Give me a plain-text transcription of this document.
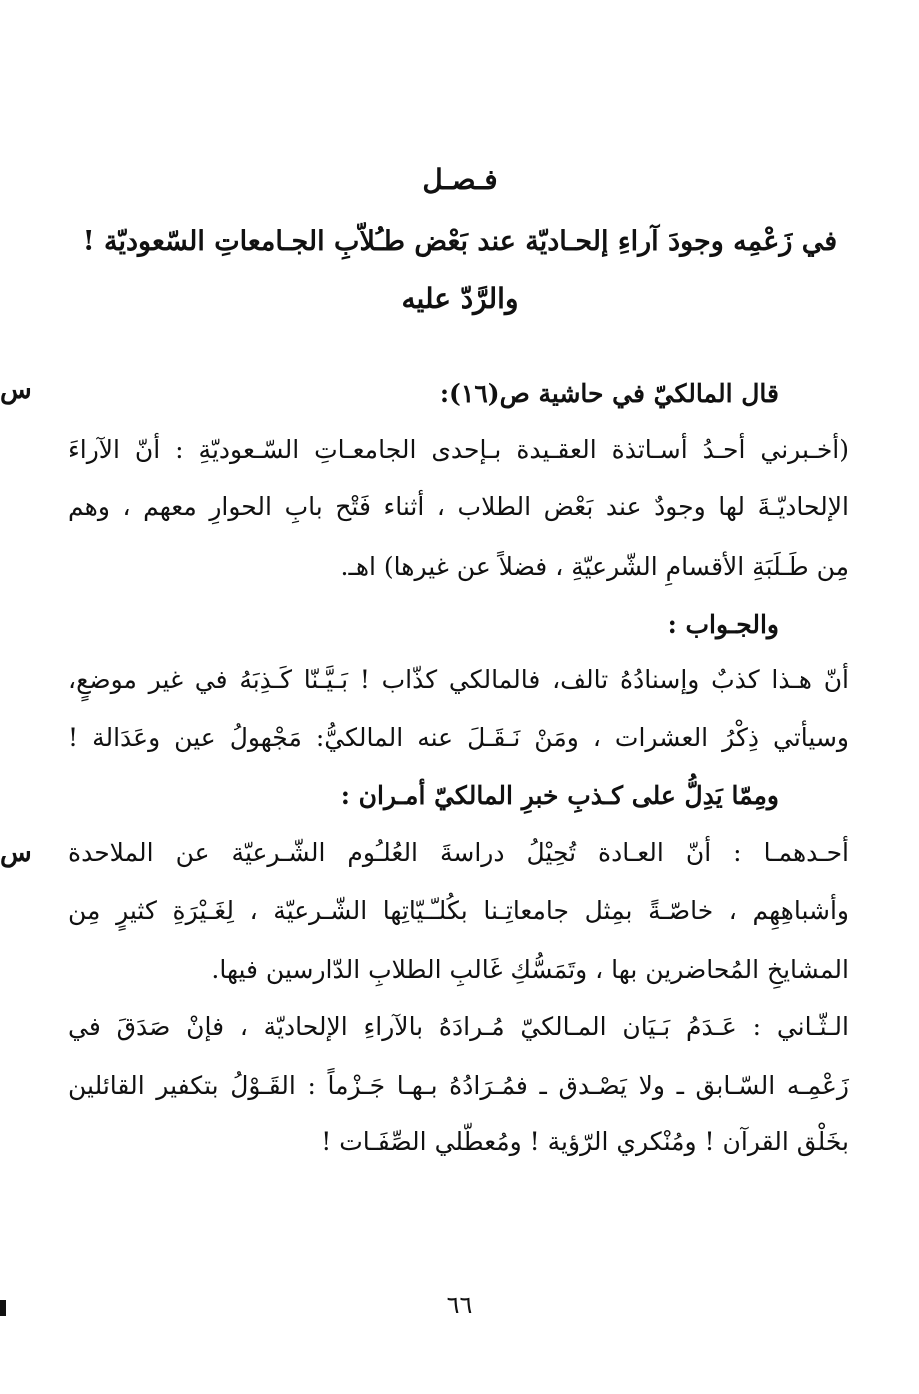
فـصـل
في زَعْمِه وجودَ آراءِ إلحـاديّة عند بَعْض طـُلاّبِ الجـامعاتِ السّعوديّة !
والرَّدّ عليه
س
س
قال المالكيّ في حاشية ص(١٦):
(أخـبرني أحـدُ أسـاتذة العقـيدة بـإحدى الجامعـاتِ السّـعوديّةِ : أنّ الآراءَ
الإلحاديّـةَ لها وجودٌ عند بَعْض الطلاب ، أثناء فَتْح بابِ الحوارِ معهم ، وهم
مِن طَـلَبَةِ الأقسامِ الشّرعيّةِ ، فضلاً عن غيرها) اهـ.
والجـواب :
أنّ هـذا كذبٌ وإسنادُهُ تالف، فالمالكي كذّاب ! بَـيَّـنّا كَـذِبَهُ في غير موضعٍ،
وسيأتي ذِكْرُ العشرات ، ومَنْ نَـقَـلَ عنه المالكيُّ: مَجْهولُ عين وعَدَالة !
ومِمّا يَدِلُّ على كـذبِ خبرِ المالكيّ أمـران :
أحـدهمـا : أنّ العـادة تُحِيْلُ دراسةَ العُلـُوم الشّـرعيّة عن الملاحدة
وأشباهِهِم ، خاصّـةً بمِثل جامعاتِـنا بكُلـّـيّاتِها الشّـرعيّة ، لِغَـيْرَةِ كثيرٍ مِن
المشايخِ المُحاضرين بها ، وتَمَسُّكِ غَالبِ الطلابِ الدّارسين فيها.
الـثّـاني : عَـدَمُ بَـيَان المـالكيّ مُـرادَهُ بالآراءِ الإلحاديّة ، فإنْ صَدَقَ في
زَعْمِـه السّـابق ـ ولا يَصْـدق ـ فمُـرَادُهُ بـهـا جَـزْماً : القَـوْلُ بتكفير القائلين
بخَلْق القرآن ! ومُنْكري الرّؤية ! ومُعطّلي الصِّفَـات !
٦٦
